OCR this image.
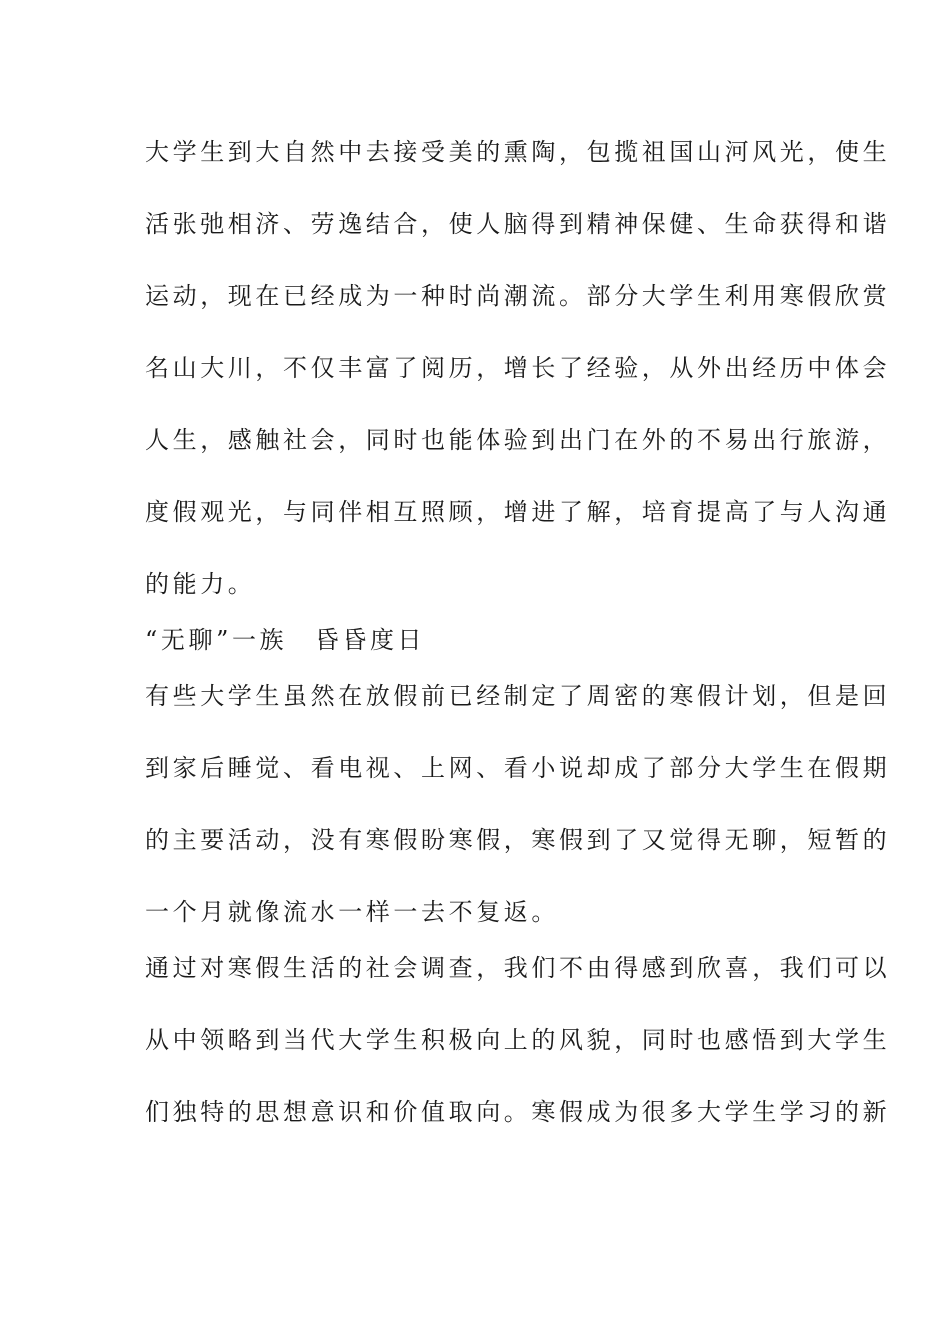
大学生到大自然中去接受美的熏陶，包揽祖国山河风光，使生
活张弛相济、劳逸结合，使人脑得到精神保健、生命获得和谐
运动，现在已经成为一种时尚潮流。部分大学生利用寒假欣赏
名山大川，不仅丰富了阅历，增长了经验，从外出经历中体会
人生，感触社会，同时也能体验到出门在外的不易出行旅游，
度假观光，与同伴相互照顾，增进了解，培育提高了与人沟通
的能力。
“无聊”一族　昏昏度日
有些大学生虽然在放假前已经制定了周密的寒假计划，但是回
到家后睡觉、看电视、上网、看小说却成了部分大学生在假期
的主要活动，没有寒假盼寒假，寒假到了又觉得无聊，短暂的
一个月就像流水一样一去不复返。
通过对寒假生活的社会调查，我们不由得感到欣喜，我们可以
从中领略到当代大学生积极向上的风貌，同时也感悟到大学生
们独特的思想意识和价值取向。寒假成为很多大学生学习的新
